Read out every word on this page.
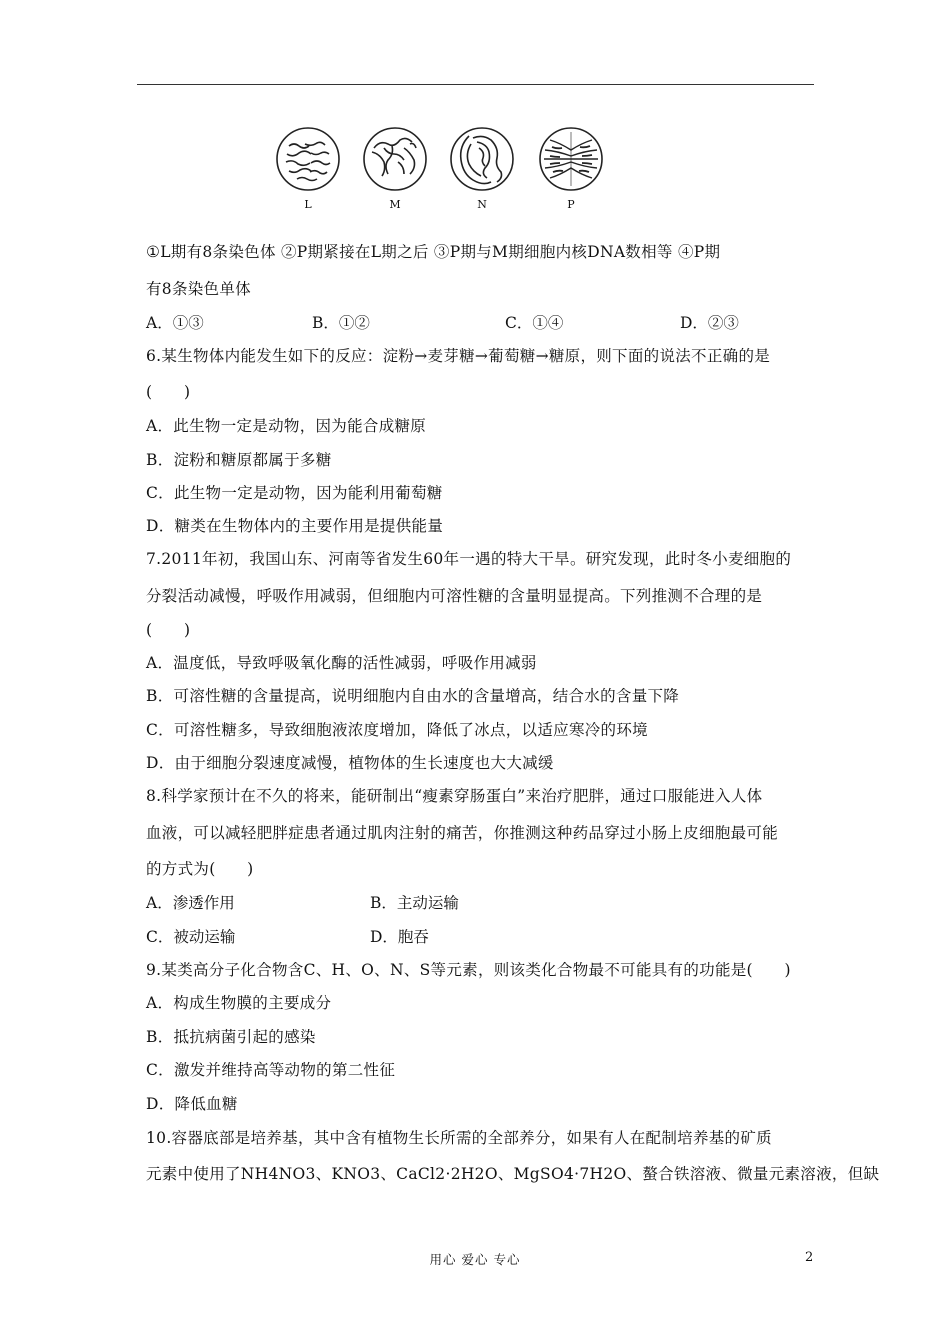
L	M	N	P
①L期有8条染色体 ②P期紧接在L期之后 ③P期与M期细胞内核DNA数相等 ④P期
有8条染色单体
A．①③	B．①②	C．①④	D．②③
6.某生物体内能发生如下的反应：淀粉→麦芽糖→葡萄糖→糖原，则下面的说法不正确的是
(　　)
A．此生物一定是动物，因为能合成糖原
B．淀粉和糖原都属于多糖
C．此生物一定是动物，因为能利用葡萄糖
D．糖类在生物体内的主要作用是提供能量
7.2011年初，我国山东、河南等省发生60年一遇的特大干旱。研究发现，此时冬小麦细胞的
分裂活动减慢，呼吸作用减弱，但细胞内可溶性糖的含量明显提高。下列推测不合理的是
(　　)
A．温度低，导致呼吸氧化酶的活性减弱，呼吸作用减弱
B．可溶性糖的含量提高，说明细胞内自由水的含量增高，结合水的含量下降
C．可溶性糖多，导致细胞液浓度增加，降低了冰点，以适应寒冷的环境
D．由于细胞分裂速度减慢，植物体的生长速度也大大减缓
8.科学家预计在不久的将来，能研制出“瘦素穿肠蛋白”来治疗肥胖，通过口服能进入人体
血液，可以减轻肥胖症患者通过肌肉注射的痛苦，你推测这种药品穿过小肠上皮细胞最可能
的方式为(　　)
A．渗透作用	B．主动运输
C．被动运输	D．胞吞
9.某类高分子化合物含C、H、O、N、S等元素，则该类化合物最不可能具有的功能是(　　)
A．构成生物膜的主要成分
B．抵抗病菌引起的感染
C．激发并维持高等动物的第二性征
D．降低血糖
10.容器底部是培养基，其中含有植物生长所需的全部养分，如果有人在配制培养基的矿质
元素中使用了NH4NO3、KNO3、CaCl2·2H2O、MgSO4·7H2O、螯合铁溶液、微量元素溶液，但缺
用心 爱心 专心	2
